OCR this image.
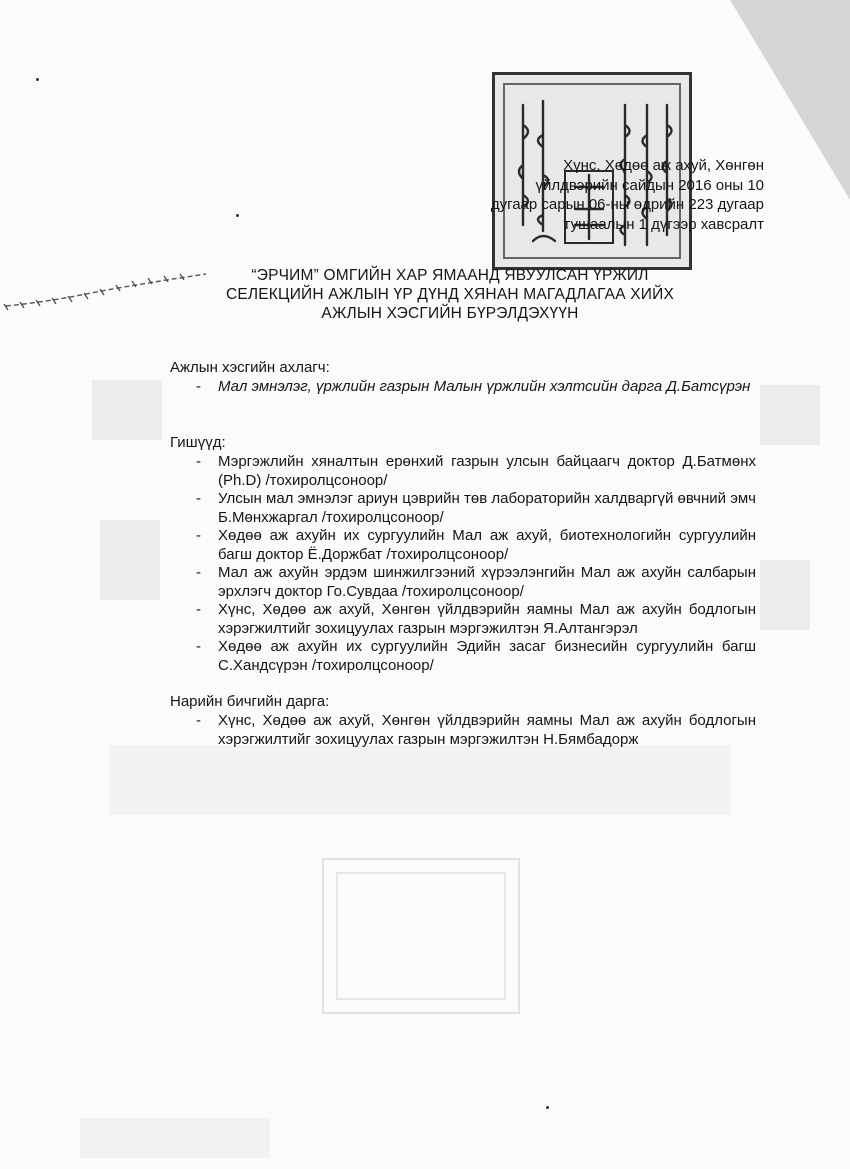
Хүнс, Хөдөө аж ахуй, Хөнгөн
үйлдвэрийн сайдын 2016 оны 10
дугаар сарын 06-ны өдрийн 223 дугаар
тушаалын 1 дүгээр хавсралт
“ЭРЧИМ” ОМГИЙН ХАР ЯМААНД ЯВУУЛСАН ҮРЖИЛ
СЕЛЕКЦИЙН АЖЛЫН ҮР ДҮНД ХЯНАН МАГАДЛАГАА ХИЙХ
АЖЛЫН ХЭСГИЙН БҮРЭЛДЭХҮҮН
Ажлын хэсгийн ахлагч:
- Мал эмнэлэг, үржлийн газрын Малын үржлийн хэлтсийн дарга Д.Батсүрэн
Гишүүд:
- Мэргэжлийн хяналтын ерөнхий газрын улсын байцаагч доктор Д.Батмөнх (Ph.D) /тохиролцсоноор/
- Улсын мал эмнэлэг ариун цэврийн төв лабораторийн халдваргүй өвчний эмч Б.Мөнхжаргал /тохиролцсоноор/
- Хөдөө аж ахуйн их сургуулийн Мал аж ахуй, биотехнологийн сургуулийн багш доктор Ё.Доржбат /тохиролцсоноор/
- Мал аж ахуйн эрдэм шинжилгээний хүрээлэнгийн Мал аж ахуйн салбарын эрхлэгч доктор Го.Сувдаа /тохиролцсоноор/
- Хүнс, Хөдөө аж ахуй, Хөнгөн үйлдвэрийн яамны Мал аж ахуйн бодлогын хэрэгжилтийг зохицуулах газрын мэргэжилтэн Я.Алтангэрэл
- Хөдөө аж ахуйн их сургуулийн Эдийн засаг бизнесийн сургуулийн багш С.Хандсүрэн /тохиролцсоноор/
Нарийн бичгийн дарга:
- Хүнс, Хөдөө аж ахуй, Хөнгөн үйлдвэрийн яамны Мал аж ахуйн бодлогын хэрэгжилтийг зохицуулах газрын мэргэжилтэн Н.Бямбадорж
